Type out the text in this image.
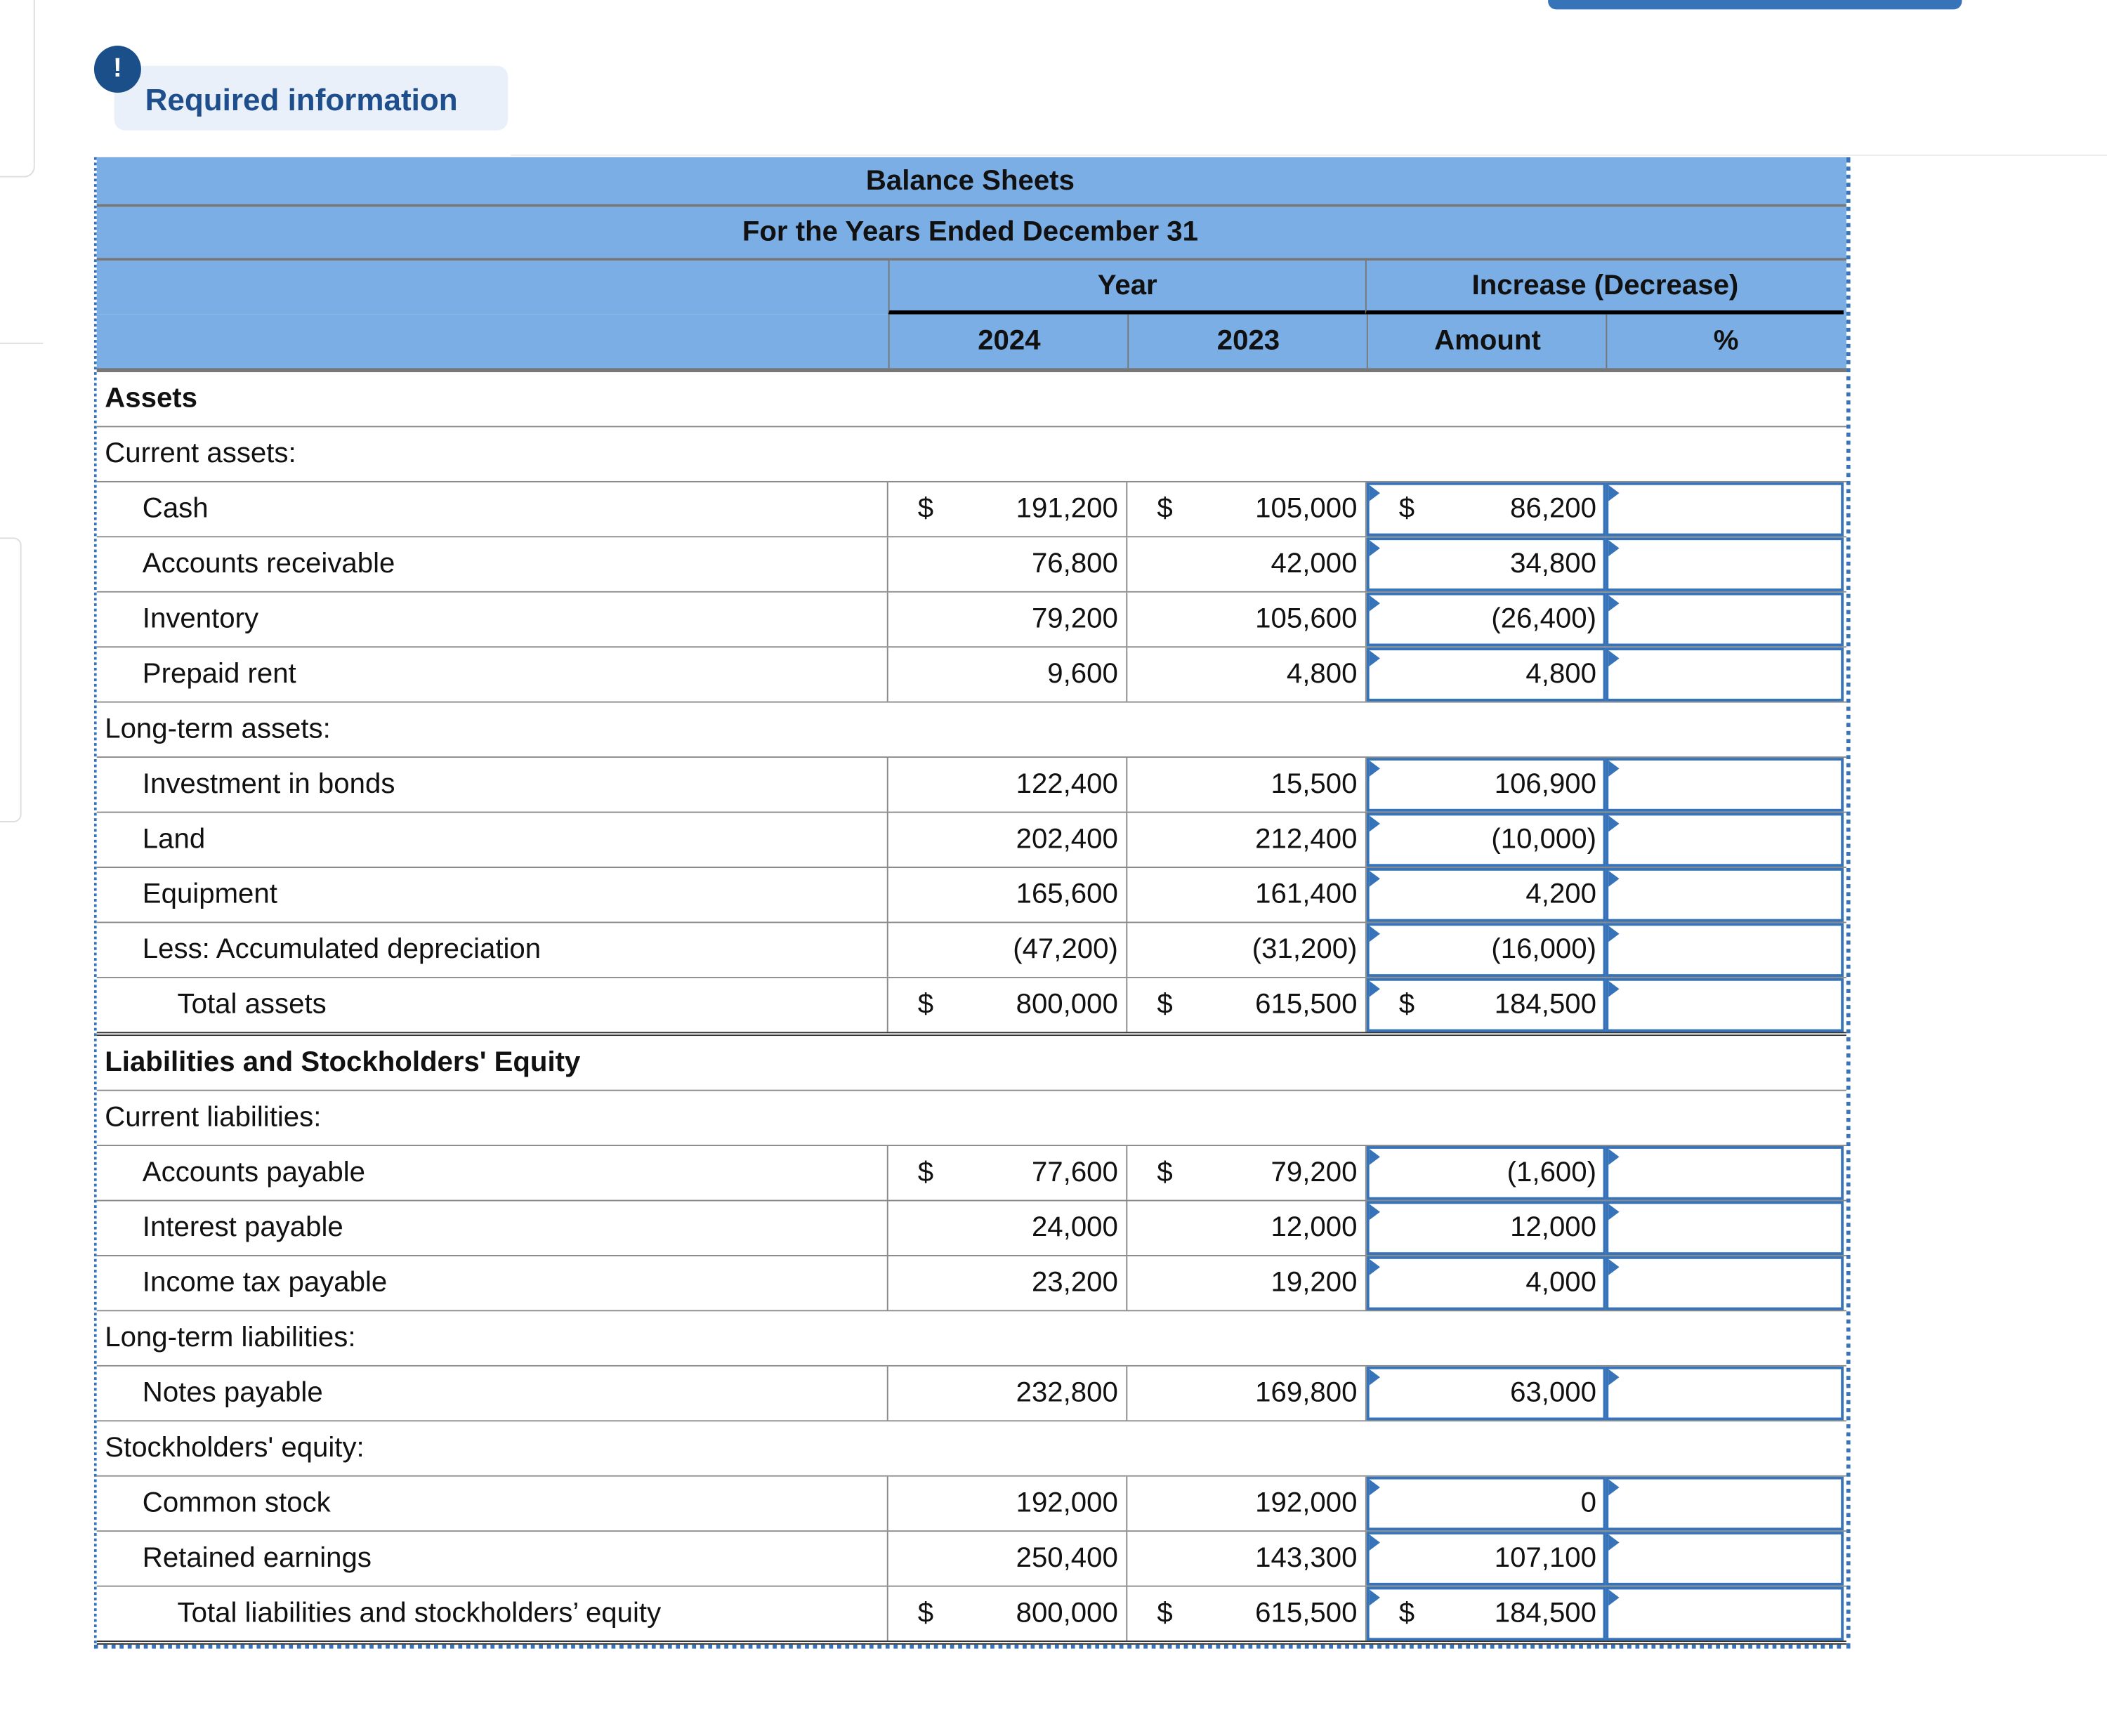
Required information
!
Balance Sheets
For the Years Ended December 31
Year	Increase (Decrease)
2024	2023	Amount	%
Assets
Current assets:
Cash	$	191,200	$	105,000	$	86,200
Accounts receivable	76,800	42,000	34,800
Inventory	79,200	105,600	(26,400)
Prepaid rent	9,600	4,800	4,800
Long-term assets:
Investment in bonds	122,400	15,500	106,900
Land	202,400	212,400	(10,000)
Equipment	165,600	161,400	4,200
Less: Accumulated depreciation	(47,200)	(31,200)	(16,000)
Total assets	$	800,000	$	615,500	$	184,500
Liabilities and Stockholders' Equity
Current liabilities:
Accounts payable	$	77,600	$	79,200	(1,600)
Interest payable	24,000	12,000	12,000
Income tax payable	23,200	19,200	4,000
Long-term liabilities:
Notes payable	232,800	169,800	63,000
Stockholders' equity:
Common stock	192,000	192,000	0
Retained earnings	250,400	143,300	107,100
Total liabilities and stockholders’ equity	$	800,000	$	615,500	$	184,500
